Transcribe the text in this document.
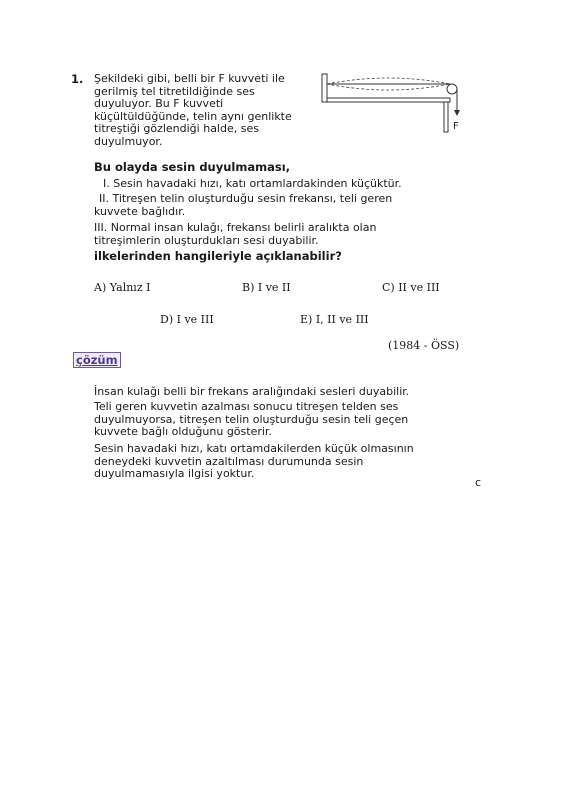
1. Şekildeki gibi, belli bir F kuvveti ile gerilmiş tel titretildiğinde ses duyuluyor. Bu F kuvveti küçültüldüğünde, telin aynı genlikte titreştiği gözlendiği halde, ses duyulmuyor.
F
Bu olayda sesin duyulmaması,
I. Sesin havadaki hızı, katı ortamlardakinden küçüktür.
II. Titreşen telin oluşturduğu sesin frekansı, teli geren kuvvete bağlıdır.
III. Normal insan kulağı, frekansı belirli aralıkta olan titreşimlerin oluşturdukları sesi duyabilir.
ilkelerinden hangileriyle açıklanabilir?
A) Yalnız I	B) I ve II	C) II ve III
D) I ve III	E) I, II ve III
(1984 - ÖSS)
çözüm
İnsan kulağı belli bir frekans aralığındaki sesleri duyabilir.
Teli geren kuvvetin azalması sonucu titreşen telden ses duyulmuyorsa, titreşen telin oluşturduğu sesin teli geçen kuvvete bağlı olduğunu gösterir.
Sesin havadaki hızı, katı ortamdakilerden küçük olmasının deneydeki kuvvetin azaltılması durumunda sesin duyulmamasıyla ilgisi yoktur.
c
